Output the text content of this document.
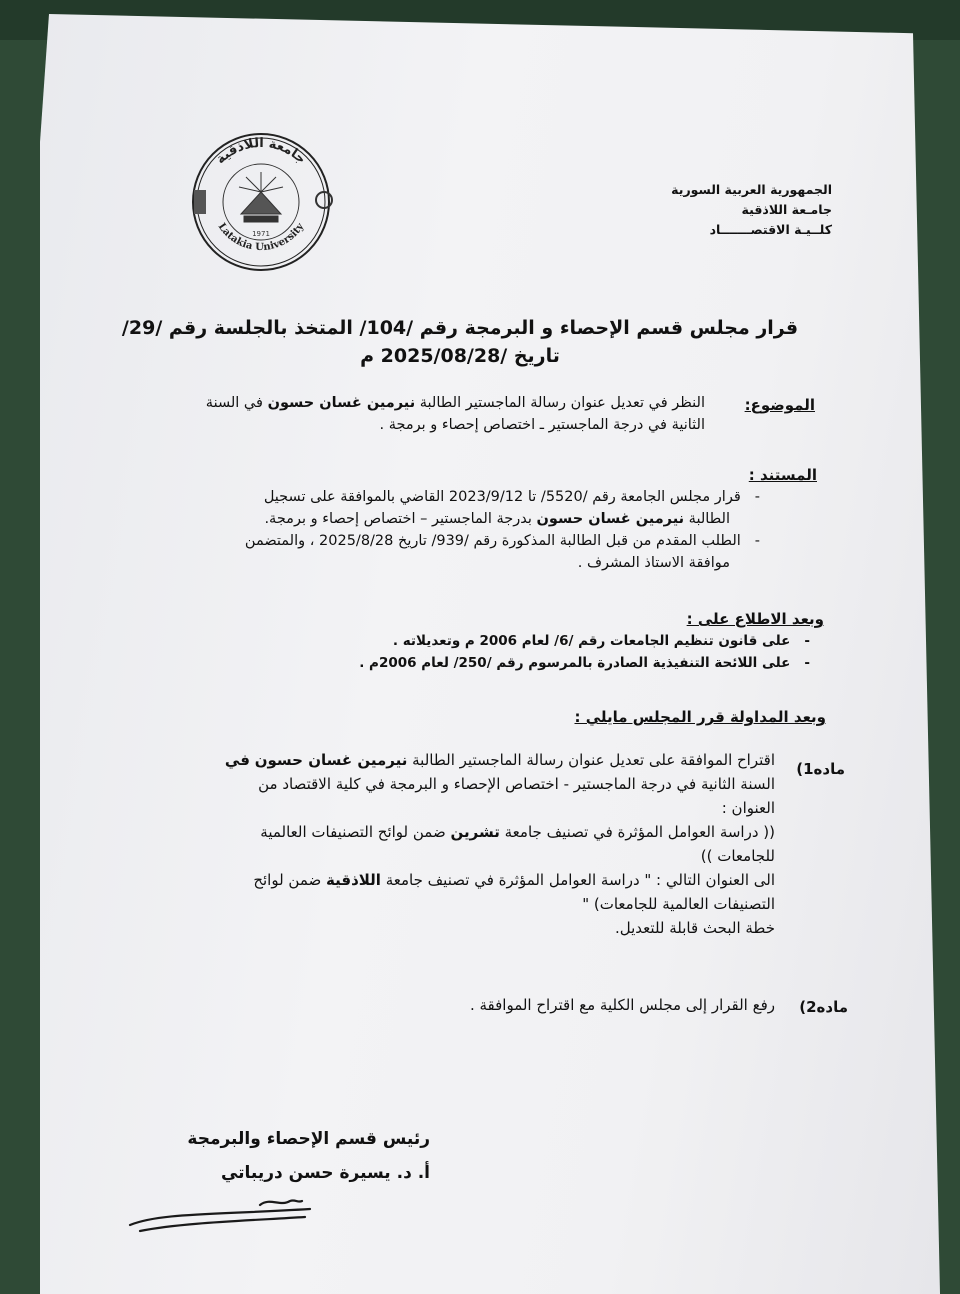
الجمهورية العربية السورية
جامـعة اللاذقية
كلــيـة الاقتصـــــــاد
جامعة اللاذقية
Latakia University
1971
قرار مجلس قسم الإحصاء و البرمجة رقم /104/ المتخذ بالجلسة رقم /29/
تاريخ /2025/08/28 م
الموضوع:
النظر في تعديل عنوان رسالة الماجستير الطالبة نيرمين غسان حسون في السنة
الثانية في درجة الماجستير ـ اختصاص إحصاء و برمجة .
المستند :
-قرار مجلس الجامعة رقم /5520/ تا 2023/9/12 القاضي بالموافقة على تسجيل
الطالبة نيرمين غسان حسون بدرجة الماجستير – اختصاص إحصاء و برمجة.
-الطلب المقدم من قبل الطالبة المذكورة رقم /939/ تاريخ 2025/8/28 ، والمتضمن
موافقة الاستاذ المشرف .
وبعد الاطلاع على :
-على قانون تنظيم الجامعات رقم /6/ لعام 2006 م وتعديلاته .
-على اللائحة التنفيذية الصادرة بالمرسوم رقم /250/ لعام 2006م .
وبعد المداولة قرر المجلس مايلي :
ماده1)
اقتراح الموافقة على تعديل عنوان رسالة الماجستير الطالبة نيرمين غسان حسون في
السنة الثانية في درجة الماجستير - اختصاص الإحصاء و البرمجة في كلية الاقتصاد من
العنوان :
(( دراسة العوامل المؤثرة في تصنيف جامعة تشرين ضمن لوائح التصنيفات العالمية
للجامعات ))
الى العنوان التالي : " دراسة العوامل المؤثرة في تصنيف جامعة اللاذقية ضمن لوائح
التصنيفات العالمية للجامعات) "
خطة البحث قابلة للتعديل.
ماده2)
رفع القرار إلى مجلس الكلية مع اقتراح الموافقة .
رئيس قسم الإحصاء والبرمجة
أ. د. يسيرة حسن دريباتي
